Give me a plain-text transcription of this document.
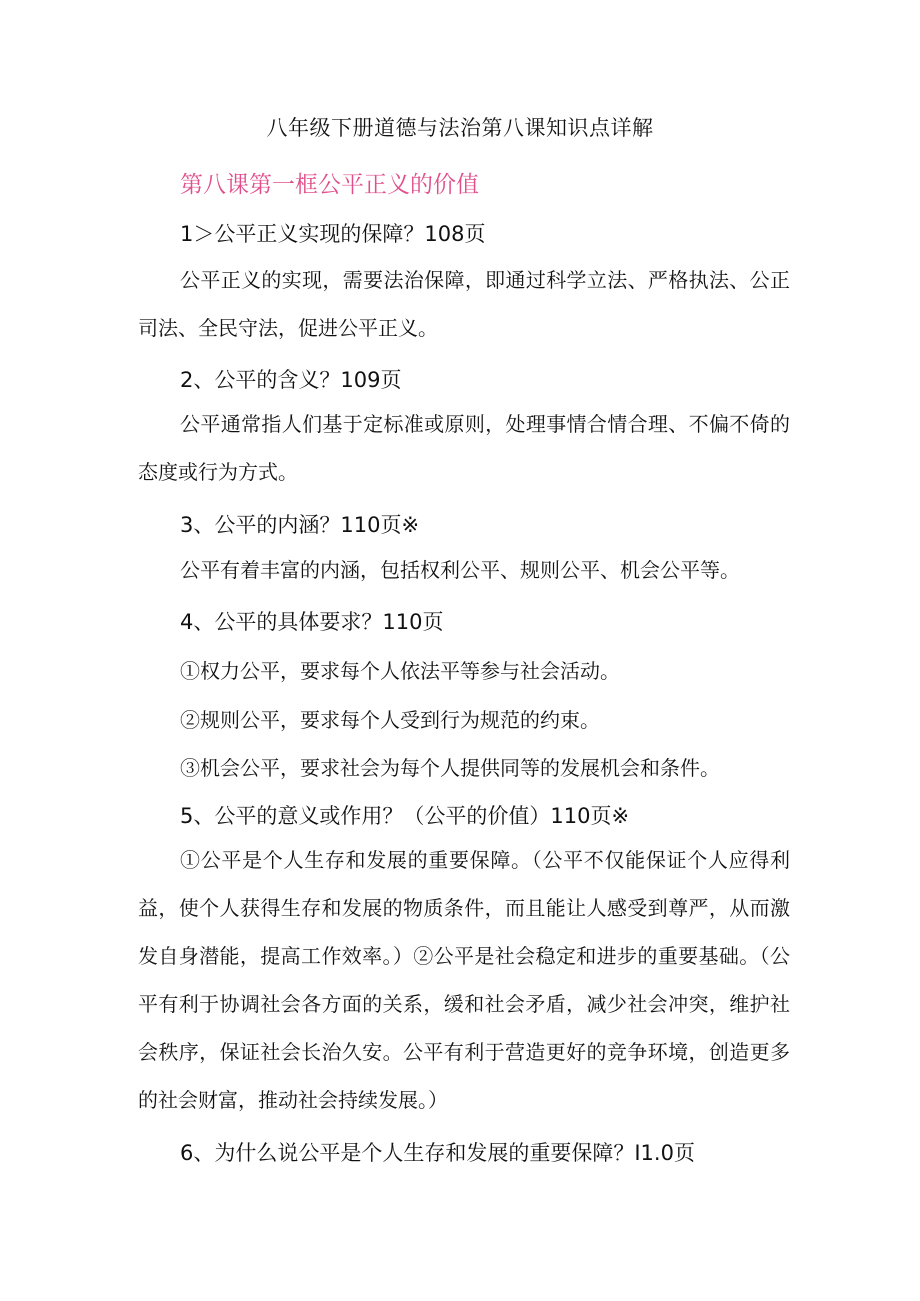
八年级下册道德与法治第八课知识点详解
第八课第一框公平正义的价值
1＞公平正义实现的保障？108页
公平正义的实现，需要法治保障，即通过科学立法、严格执法、公正司法、全民守法，促进公平正义。
2、公平的含义？109页
公平通常指人们基于定标准或原则，处理事情合情合理、不偏不倚的态度或行为方式。
3、公平的内涵？110页※
公平有着丰富的内涵，包括权利公平、规则公平、机会公平等。
4、公平的具体要求？110页
①权力公平，要求每个人依法平等参与社会活动。
②规则公平，要求每个人受到行为规范的约束。
③机会公平，要求社会为每个人提供同等的发展机会和条件。
5、公平的意义或作用？（公平的价值）110页※
①公平是个人生存和发展的重要保障。（公平不仅能保证个人应得利益，使个人获得生存和发展的物质条件，而且能让人感受到尊严，从而激发自身潜能，提高工作效率。）②公平是社会稳定和进步的重要基础。（公平有利于协调社会各方面的关系，缓和社会矛盾，减少社会冲突，维护社会秩序，保证社会长治久安。公平有利于营造更好的竞争环境，创造更多的社会财富，推动社会持续发展。）
6、为什么说公平是个人生存和发展的重要保障？I1.0页
